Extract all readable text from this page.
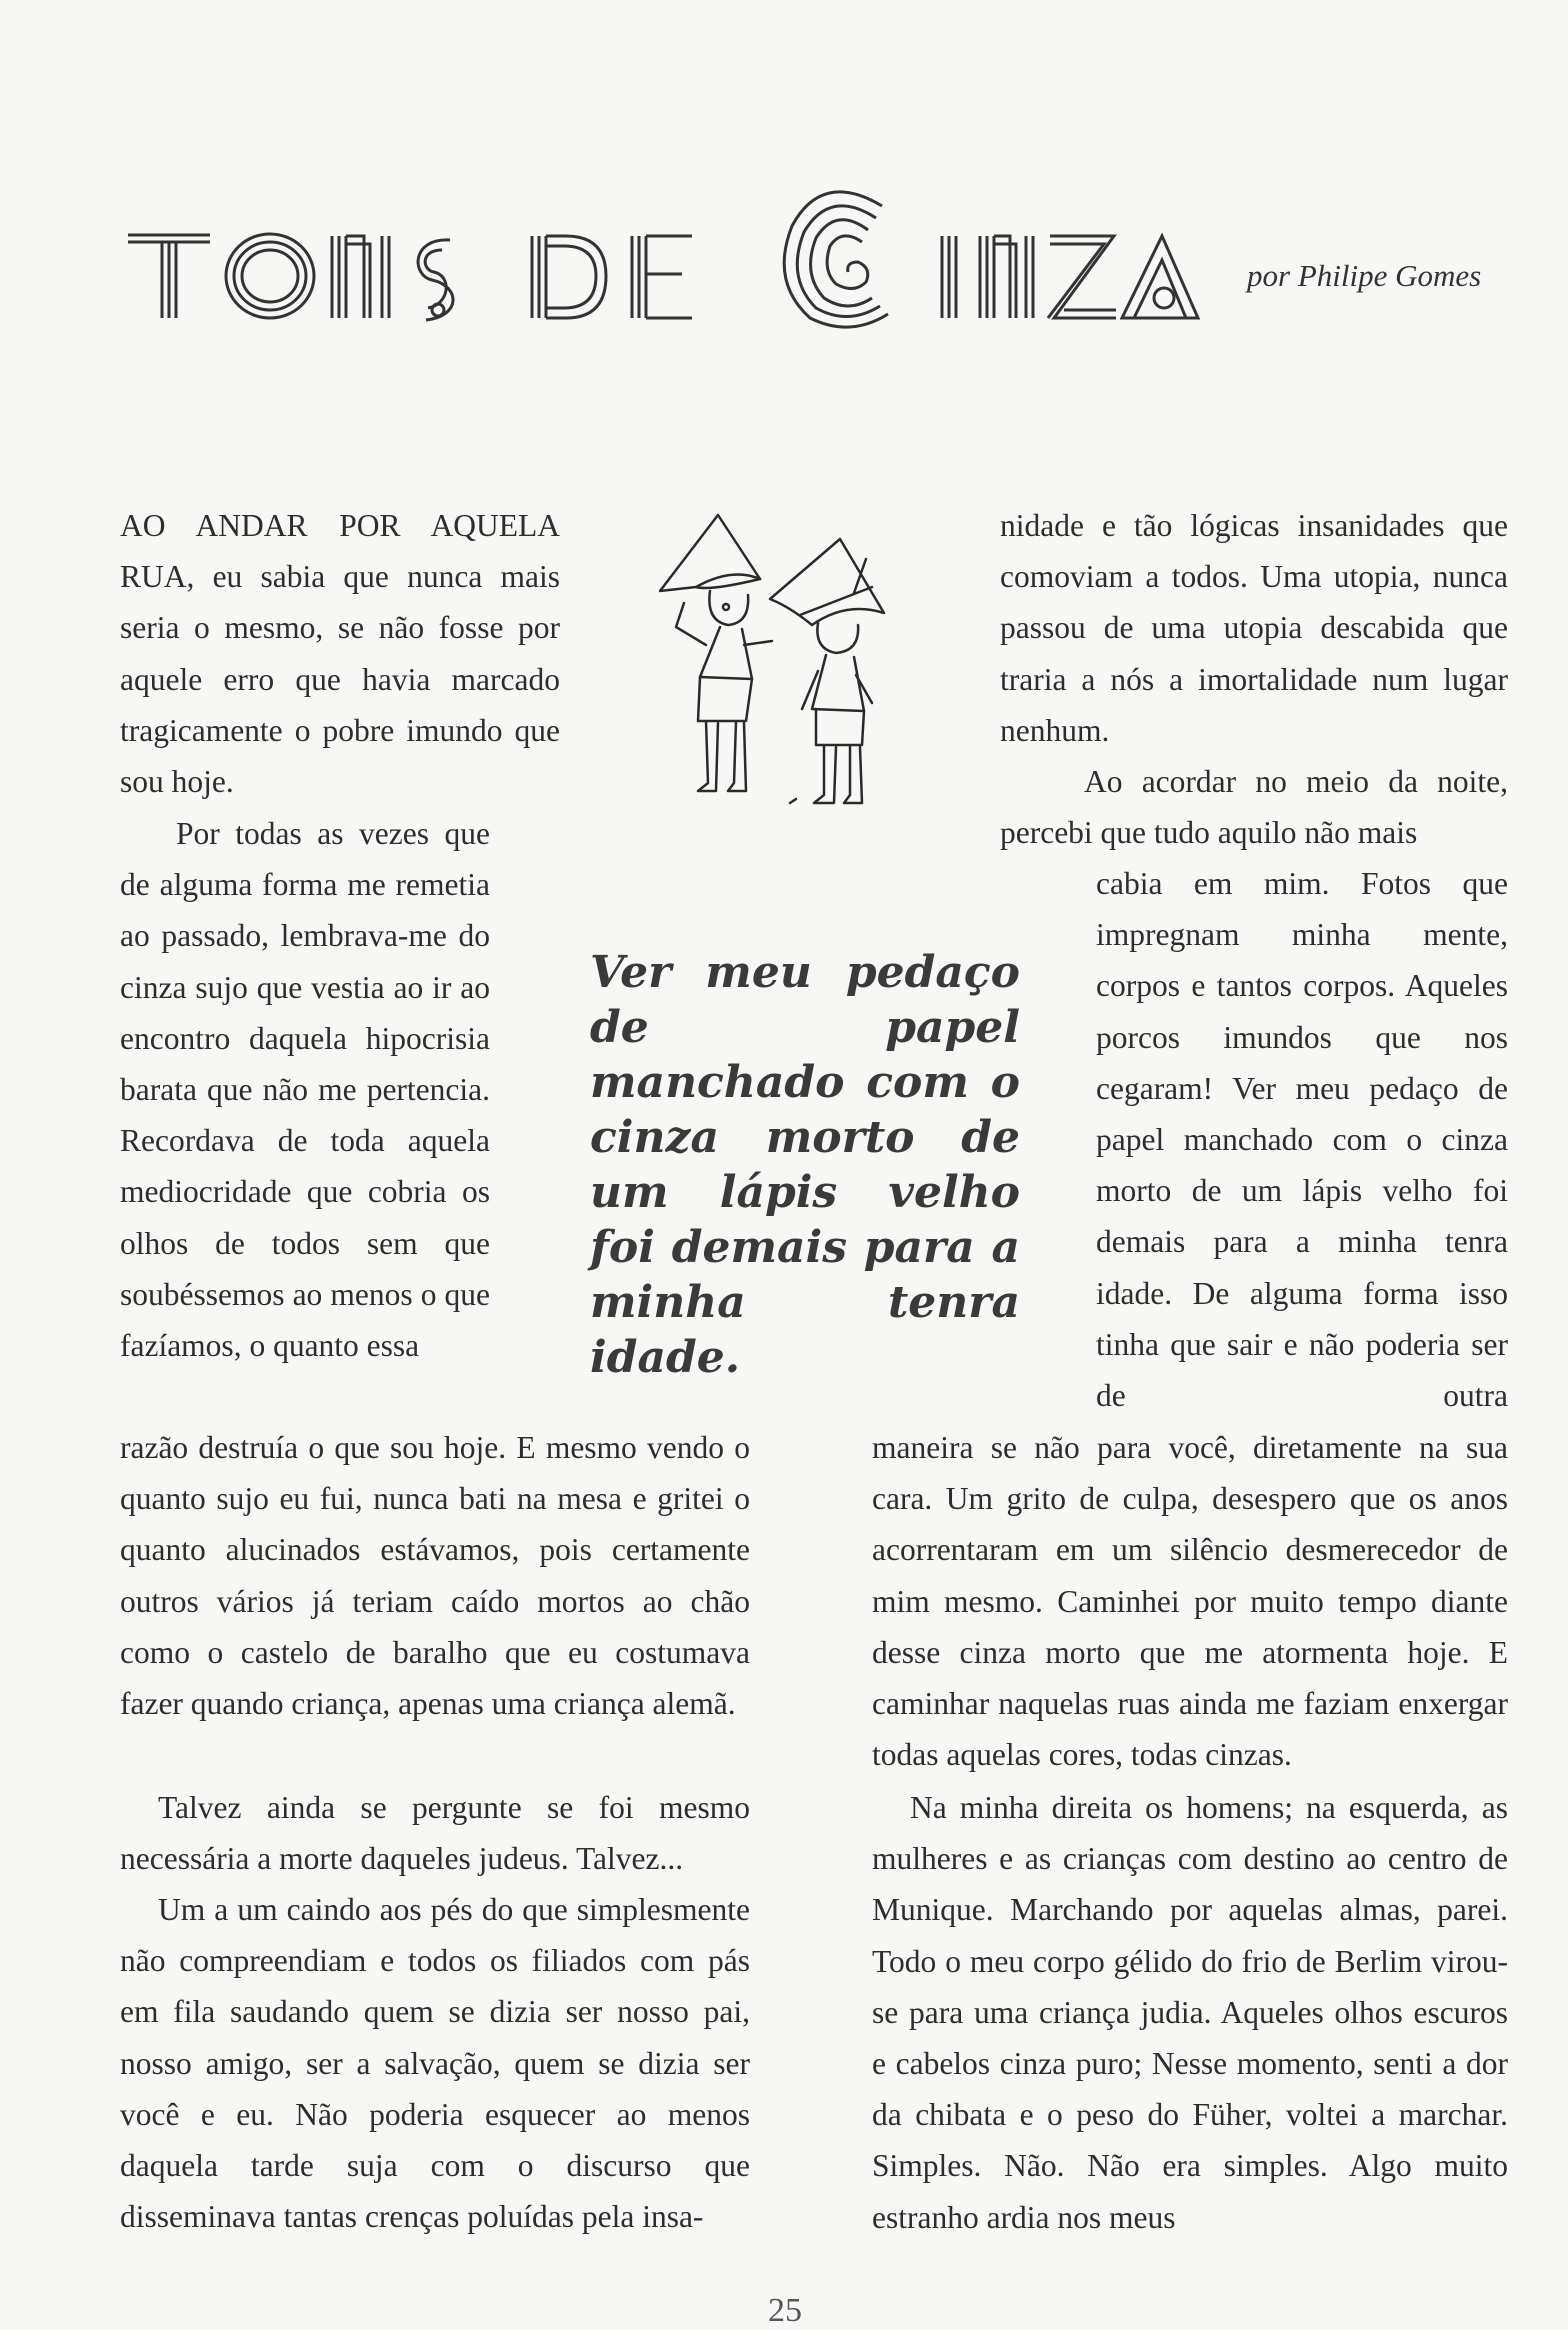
por Philipe Gomes

AO ANDAR POR AQUELA RUA, eu sabia que nunca mais seria o mesmo, se não fosse por aquele erro que havia marcado tragicamente o pobre imundo que sou hoje.

Por todas as vezes que de alguma forma me remetia ao passado, lembrava-me do cinza sujo que vestia ao ir ao encontro daquela hipocrisia barata que não me pertencia. Recordava de toda aquela mediocridade que cobria os olhos de todos sem que soubéssemos ao menos o que fazíamos, o quanto essa

razão destruía o que sou hoje. E mesmo vendo o quanto sujo eu fui, nunca bati na mesa e gritei o quanto alucinados estávamos, pois certamente outros vários já teriam caído mortos ao chão como o castelo de baralho que eu costumava fazer quando criança, apenas uma criança alemã.

Talvez ainda se pergunte se foi mesmo necessária a morte daqueles judeus. Talvez...

Um a um caindo aos pés do que simplesmente não compreendiam e todos os filiados com pás em fila saudando quem se dizia ser nosso pai, nosso amigo, ser a salvação, quem se dizia ser você e eu. Não poderia esquecer ao menos daquela tarde suja com o discurso que disseminava tantas crenças poluídas pela insa-

nidade e tão lógicas insanidades que comoviam a todos. Uma utopia, nunca passou de uma utopia descabida que traria a nós a imortalidade num lugar nenhum.

Ao acordar no meio da noite, percebi que tudo aquilo não mais

cabia em mim. Fotos que impregnam minha mente, corpos e tantos corpos. Aqueles porcos imundos que nos cegaram! Ver meu pedaço de papel manchado com o cinza morto de um lápis velho foi demais para a minha tenra idade. De alguma forma isso tinha que sair e não poderia ser de outra

maneira se não para você, diretamente na sua cara. Um grito de culpa, desespero que os anos acorrentaram em um silêncio desmerecedor de mim mesmo. Caminhei por muito tempo diante desse cinza morto que me atormenta hoje. E caminhar naquelas ruas ainda me faziam enxergar todas aquelas cores, todas cinzas.

Na minha direita os homens; na esquerda, as mulheres e as crianças com destino ao centro de Munique. Marchando por aquelas almas, parei. Todo o meu corpo gélido do frio de Berlim virou-se para uma criança judia. Aqueles olhos escuros e cabelos cinza puro; Nesse momento, senti a dor da chibata e o peso do Füher, voltei a marchar. Simples. Não. Não era simples. Algo muito estranho ardia nos meus

Ver meu pedaço de papel manchado com o cinza morto de um lápis velho foi demais para a minha tenra idade.

25
